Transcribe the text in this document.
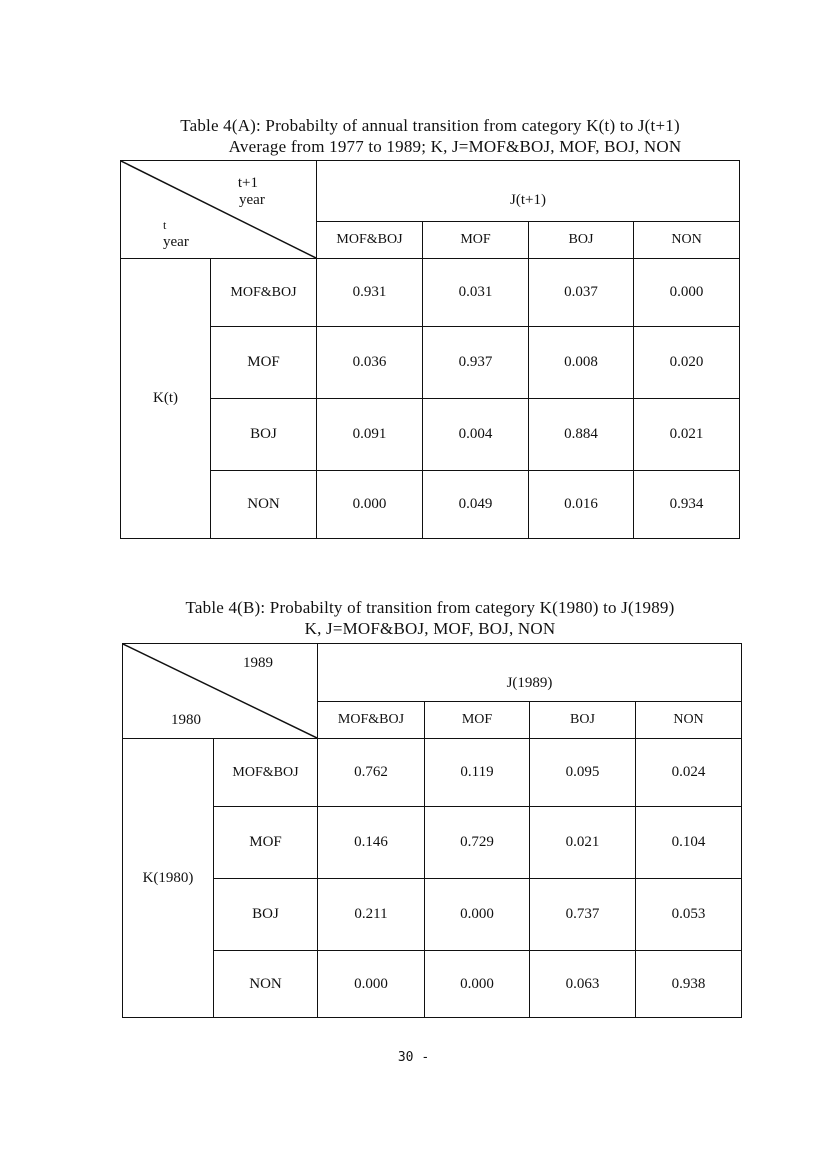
Table 4(A): Probabilty of annual transition from category K(t) to J(t+1)
Average from 1977 to 1989; K, J=MOF&BOJ, MOF, BOJ, NON
t+1
year
t
year		J(t+1)			
		MOF&BOJ	MOF	BOJ	NON
K(t)	MOF&BOJ	0.931	0.031	0.037	0.000
	MOF	0.036	0.937	0.008	0.020
	BOJ	0.091	0.004	0.884	0.021
	NON	0.000	0.049	0.016	0.934
Table 4(B): Probabilty of transition from category K(1980) to J(1989)
K, J=MOF&BOJ, MOF, BOJ, NON
1989
1980		J(1989)			
		MOF&BOJ	MOF	BOJ	NON
K(1980)	MOF&BOJ	0.762	0.119	0.095	0.024
	MOF	0.146	0.729	0.021	0.104
	BOJ	0.211	0.000	0.737	0.053
	NON	0.000	0.000	0.063	0.938
30 -
